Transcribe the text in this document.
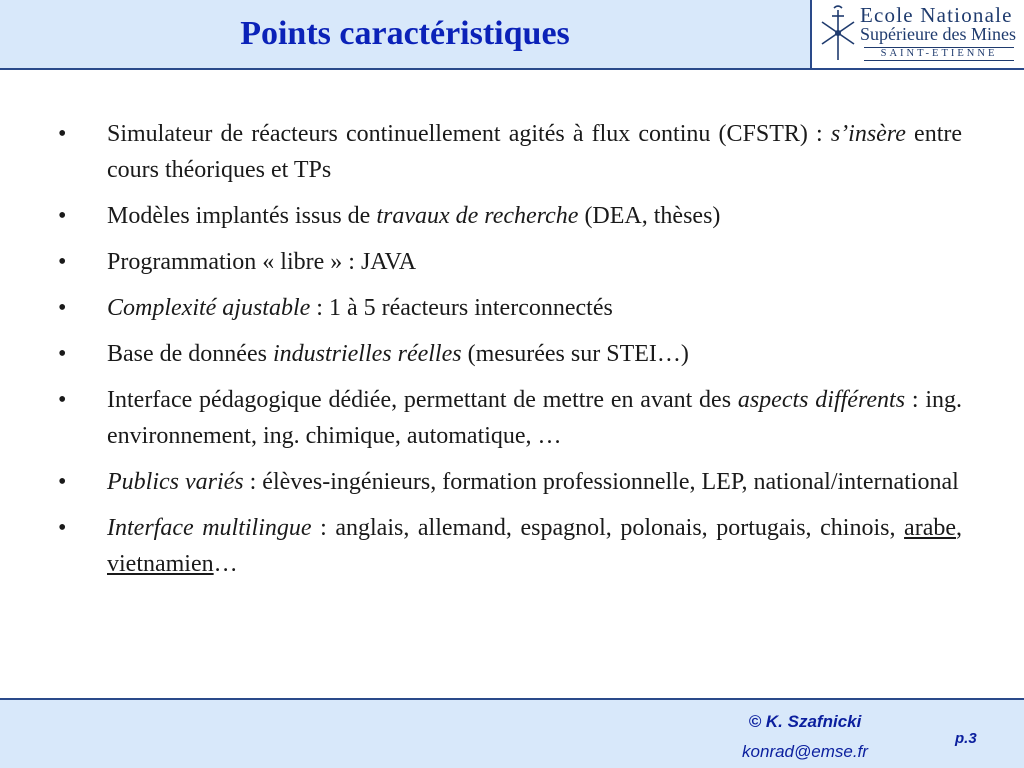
Points caractéristiques	Ecole Nationale
Supérieure des Mines
SAINT-ETIENNE
•	Simulateur de réacteurs continuellement agités à flux continu (CFSTR) : s’insère entre cours théoriques et TPs
•	Modèles implantés issus de travaux de recherche (DEA, thèses)
•	Programmation « libre » : JAVA
•	Complexité ajustable : 1 à 5 réacteurs interconnectés
•	Base de données industrielles réelles (mesurées sur STEI…)
•	Interface pédagogique dédiée, permettant de mettre en avant des aspects différents : ing. environnement, ing. chimique, automatique, …
•	Publics variés : élèves-ingénieurs, formation professionnelle, LEP, national/international
•	Interface multilingue : anglais, allemand, espagnol, polonais, portugais, chinois, arabe, vietnamien…
© K. Szafnicki
konrad@emse.fr
p.3
